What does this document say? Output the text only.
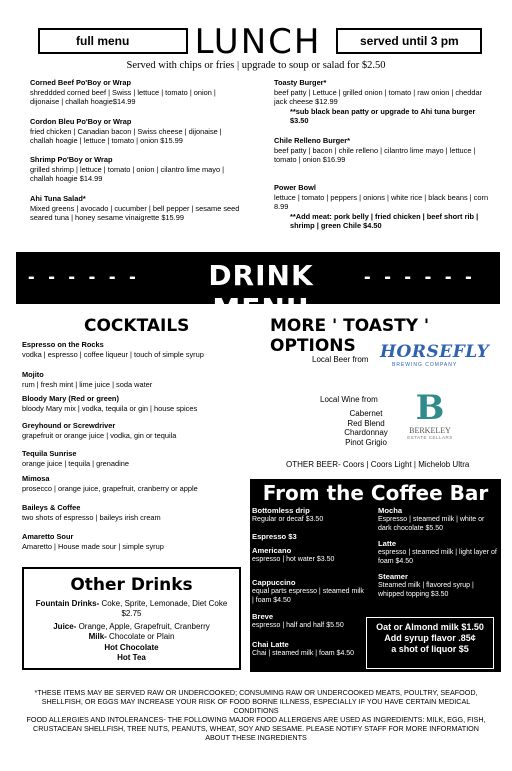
full menu LUNCH	served until 3 pm
Served with chips or fries | upgrade to soup or salad for $2.50
Corned Beef Po'Boy or Wrap
shreddded corned beef | Swiss | lettuce | tomato | onion | dijonaise | challah hoagie$14.99
Cordon Bleu Po'Boy or Wrap
fried chicken | Canadian bacon | Swiss cheese | dijonaise | challah hoagie | lettuce | tomato | onion $15.99
Shrimp Po'Boy or Wrap
grilled shrimp | lettuce | tomato | onion | cilantro lime mayo | challah hoagie $14.99
Ahi Tuna Salad*
Mixed greens | avocado | cucumber | bell pepper | sesame seed seared tuna | honey sesame vinaigrette $15.99
Toasty Burger*
beef patty | Lettuce | grilled onion | tomato | raw onion | cheddar jack cheese $12.99
**sub black bean patty or upgrade to Ahi tuna burger $3.50
Chile Relleno Burger*
beef patty | bacon | chile relleno | cilantro lime mayo | lettuce | tomato | onion $16.99
Power Bowl
lettuce | tomato | peppers | onions | white rice | black beans | corn 8.99
**Add meat: pork belly | fried chicken | beef short rib | shrimp | green Chile $4.50
- - - - - -	DRINK MENU
- - - - - -
COCKTAILS
Espresso on the Rocks
vodka | espresso | coffee liqueur | touch of simple syrup
Mojito
rum | fresh mint | lime juice | soda water
Bloody Mary (Red or green)
bloody Mary mix | vodka, tequila or gin | house spices
Greyhound or Screwdriver
grapefruit or orange juice | vodka, gin or tequila
Tequila Sunrise
orange juice | tequila | grenadine
Mimosa
prosecco | orange juice, grapefruit, cranberry or apple
Baileys & Coffee
two shots of espresso | baileys irish cream
Amaretto Sour
Amaretto | House made sour | simple syrup
MORE ' TOASTY ' OPTIONS
Local Beer from HORSEFLY
BREWING COMPANY
Local Wine from
Cabernet
Red Blend
Chardonnay
Pinot Grigio
B
BERKELEY
ESTATE CELLARS
OTHER BEER- Coors | Coors Light | Michelob Ultra
From the Coffee Bar
Bottomless drip
Regular or decaf $3.50
Espresso $3
Americano
espresso | hot water $3.50
Cappuccino
equal parts espresso | steamed milk | foam $4.50
Breve
espresso | half and half $5.50
Chai Latte
Chai | steamed milk | foam $4.50
Mocha
Espresso | steamed milk | white or dark chocolate $5.50
Latte
espresso | steamed milk | light layer of foam $4.50
Steamer
Steamed milk | flavored syrup | whipped topping $3.50
Oat or Almond milk $1.50
Add syrup flavor .85¢
a shot of liquor $5
Other Drinks
Fountain Drinks- Coke, Sprite, Lemonade, Diet Coke
$2.75
Juice- Orange, Apple, Grapefruit, Cranberry
Milk- Chocolate or Plain
Hot Chocolate
Hot Tea
*THESE ITEMS MAY BE SERVED RAW OR UNDERCOOKED; CONSUMING RAW OR UNDERCOOKED MEATS, POULTRY, SEAFOOD, SHELLFISH, OR EGGS MAY INCREASE YOUR RISK OF FOOD BORNE ILLNESS, ESPECIALLY IF YOU HAVE CERTAIN MEDICAL CONDITIONS
FOOD ALLERGIES AND INTOLERANCES- THE FOLLOWING MAJOR FOOD ALLERGENS ARE USED AS INGREDIENTS: MILK, EGG, FISH, CRUSTACEAN SHELLFISH, TREE NUTS, PEANUTS, WHEAT, SOY AND SESAME. PLEASE NOTIFY STAFF FOR MORE INFORMATION ABOUT THESE INGREDIENTS
